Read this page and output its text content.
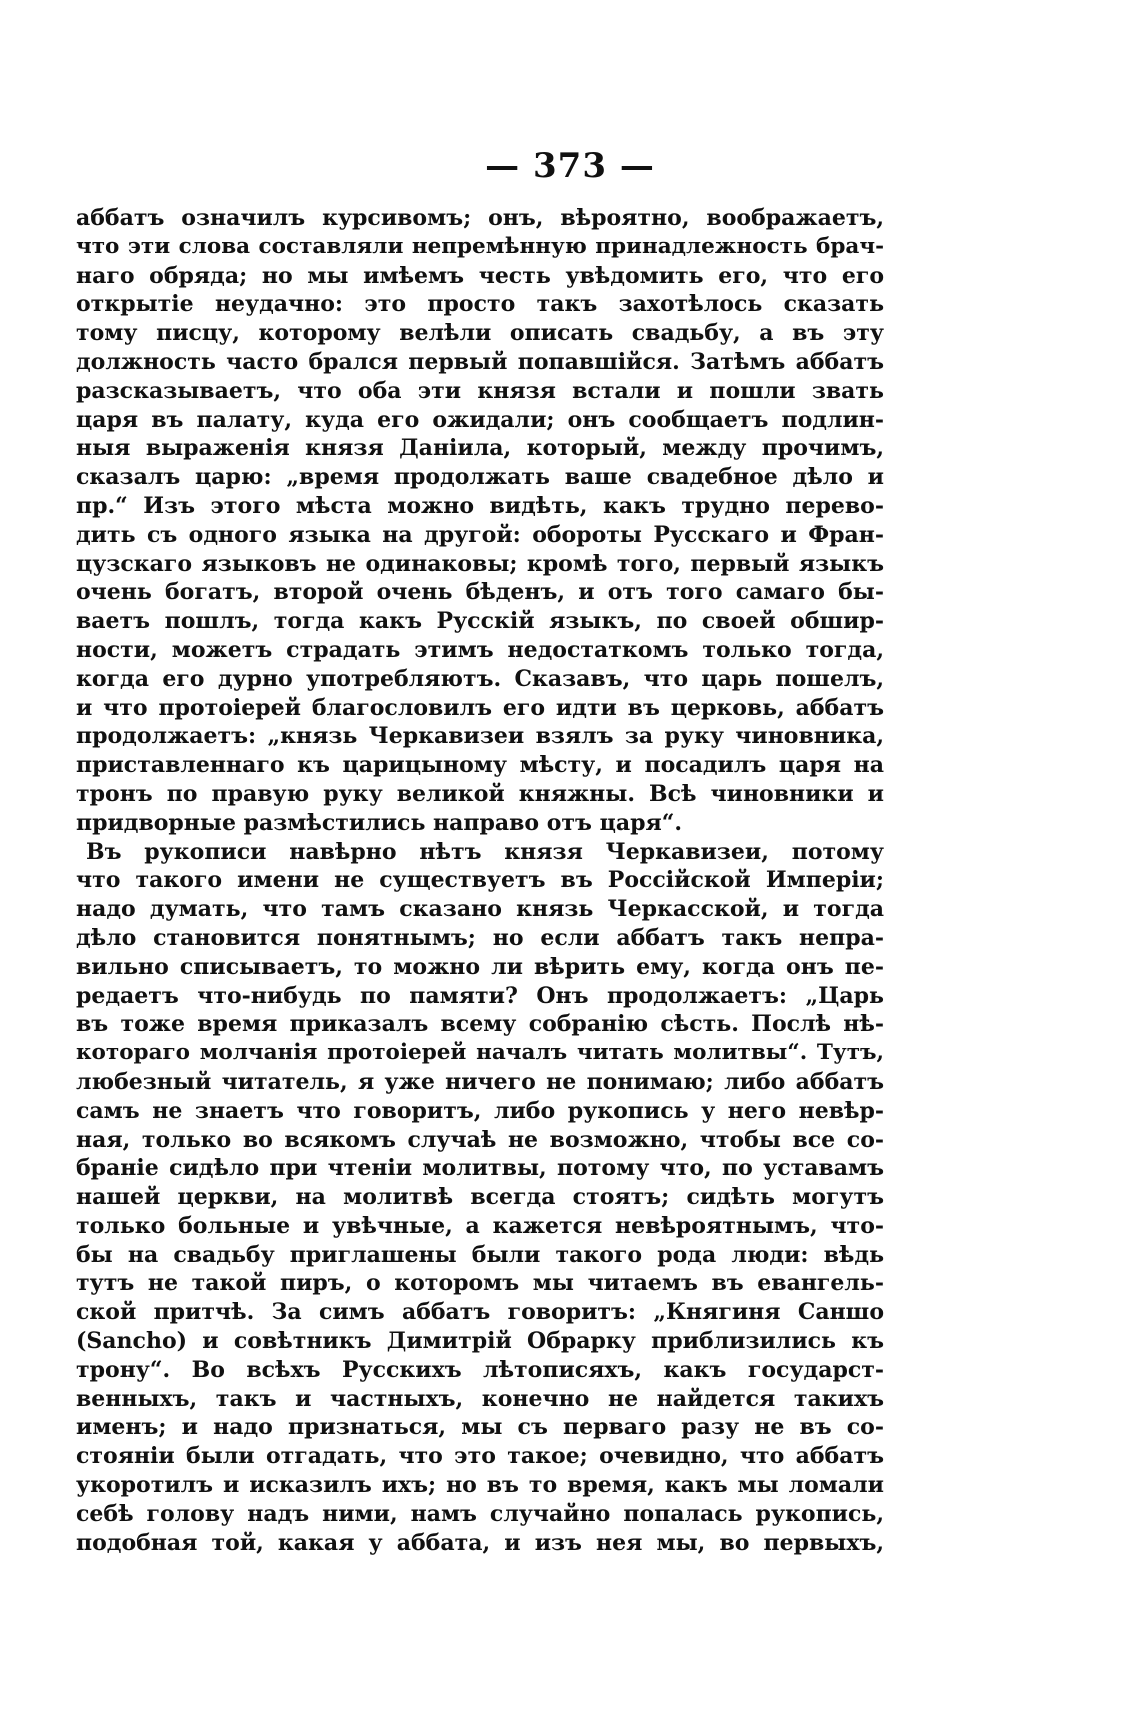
— 373 —
аббатъ означилъ курсивомъ; онъ, вѣроятно, воображаетъ,
что эти слова составляли непремѣнную принадлежность брач-
наго обряда; но мы имѣемъ честь увѣдомить его, что его
открытіе неудачно: это просто такъ захотѣлось сказать
тому писцу, которому велѣли описать свадьбу, а въ эту
должность часто брался первый попавшійся. Затѣмъ аббатъ
разсказываетъ, что оба эти князя встали и пошли звать
царя въ палату, куда его ожидали; онъ сообщаетъ подлин-
ныя выраженія князя Даніила, который, между прочимъ,
сказалъ царю: „время продолжать ваше свадебное дѣло и
пр.“ Изъ этого мѣста можно видѣть, какъ трудно перево-
дить съ одного языка на другой: обороты Русскаго и Фран-
цузскаго языковъ не одинаковы; кромѣ того, первый языкъ
очень богатъ, второй очень бѣденъ, и отъ того самаго бы-
ваетъ пошлъ, тогда какъ Русскій языкъ, по своей обшир-
ности, можетъ страдать этимъ недостаткомъ только тогда,
когда его дурно употребляютъ. Сказавъ, что царь пошелъ,
и что протоіерей благословилъ его идти въ церковь, аббатъ
продолжаетъ: „князь Черкавизеи взялъ за руку чиновника,
приставленнаго къ царицыному мѣсту, и посадилъ царя на
тронъ по правую руку великой княжны. Всѣ чиновники и
придворные размѣстились направо отъ царя“.
Въ рукописи навѣрно нѣтъ князя Черкавизеи, потому
что такого имени не существуетъ въ Россійской Имперіи;
надо думать, что тамъ сказано князь Черкасской, и тогда
дѣло становится понятнымъ; но если аббатъ такъ непра-
вильно списываетъ, то можно ли вѣрить ему, когда онъ пе-
редаетъ что-нибудь по памяти? Онъ продолжаетъ: „Царь
въ тоже время приказалъ всему собранію сѣсть. Послѣ нѣ-
котораго молчанія протоіерей началъ читать молитвы“. Тутъ,
любезный читатель, я уже ничего не понимаю; либо аббатъ
самъ не знаетъ что говоритъ, либо рукопись у него невѣр-
ная, только во всякомъ случаѣ не возможно, чтобы все со-
браніе сидѣло при чтеніи молитвы, потому что, по уставамъ
нашей церкви, на молитвѣ всегда стоятъ; сидѣть могутъ
только больные и увѣчные, а кажется невѣроятнымъ, что-
бы на свадьбу приглашены были такого рода люди: вѣдь
тутъ не такой пиръ, о которомъ мы читаемъ въ евангель-
ской притчѣ. За симъ аббатъ говоритъ: „Княгиня Саншо
(Sancho) и совѣтникъ Димитрій Обрарку приблизились къ
трону“. Во всѣхъ Русскихъ лѣтописяхъ, какъ государст-
венныхъ, такъ и частныхъ, конечно не найдется такихъ
именъ; и надо признаться, мы съ перваго разу не въ со-
стояніи были отгадать, что это такое; очевидно, что аббатъ
укоротилъ и исказилъ ихъ; но въ то время, какъ мы ломали
себѣ голову надъ ними, намъ случайно попалась рукопись,
подобная той, какая у аббата, и изъ нея мы, во первыхъ,
